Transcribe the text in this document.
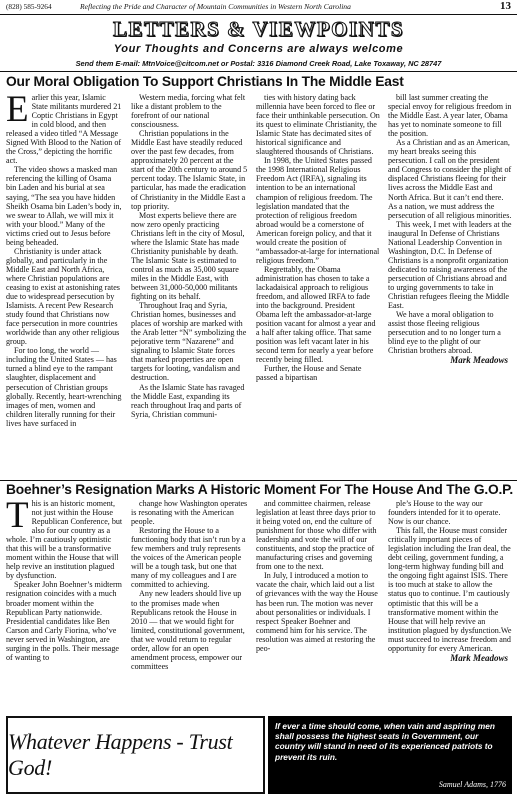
(828) 585-9264	Reflecting the Pride and Character of Mountain Communities in Western North Carolina	13
LETTERS & VIEWPOINTS
Your Thoughts and Concerns are always welcome
Send them E-mail: MtnVoice@citcom.net or Postal: 3316 Diamond Creek Road, Lake Toxaway, NC 28747
Our Moral Obligation To Support Christians In The Middle East
E arlier this year, Islamic State militants murdered 21 Coptic Christians in Egypt in cold blood, and then released a video titled “A Message Signed With Blood to the Nation of the Cross,” depicting the horrific act.

The video shows a masked man referencing the killing of Osama bin Laden and his burial at sea saying, “The sea you have hidden Sheikh Osama bin Laden’s body in, we swear to Allah, we will mix it with your blood.” Many of the victims cried out to Jesus before being beheaded.

Christianity is under attack globally, and particularly in the Middle East and North Africa, where Christian populations are ceasing to exist at astonishing rates due to widespread persecution by Islamists. A recent Pew Research study found that Christians now face persecution in more countries worldwide than any other religious group.

For too long, the world — including the United States — has turned a blind eye to the rampant slaughter, displacement and persecution of Christian groups globally. Recently, heart-wrenching images of men, women and children literally running for their lives have surfaced in

Western media, forcing what felt like a distant problem to the forefront of our national consciousness.

Christian populations in the Middle East have steadily reduced over the past few decades, from approximately 20 percent at the start of the 20th century to around 5 percent today. The Islamic State, in particular, has made the eradication of Christianity in the Middle East a top priority.

Most experts believe there are now zero openly practicing Christians left in the city of Mosul, where the Islamic State has made Christianity punishable by death. The Islamic State is estimated to control as much as 35,000 square miles in the Middle East, with between 31,000-50,000 militants fighting on its behalf.

Throughout Iraq and Syria, Christian homes, businesses and places of worship are marked with the Arab letter “N” symbolizing the pejorative term “Nazarene” and signaling to Islamic State forces that marked properties are open targets for looting, vandalism and destruction.

As the Islamic State has ravaged the Middle East, expanding its reach throughout Iraq and parts of Syria, Christian communi-

ties with history dating back millennia have been forced to flee or face their unthinkable persecution. On its quest to eliminate Christianity, the Islamic State has decimated sites of historical significance and slaughtered thousands of Christians.

In 1998, the United States passed the 1998 International Religious Freedom Act (IRFA), signaling its intention to be an international champion of religious freedom. The legislation mandated that the protection of religious freedom abroad would be a cornerstone of American foreign policy, and that it would create the position of “ambassador-at-large for international religious freedom.”

Regrettably, the Obama administration has chosen to take a lackadaisical approach to religious freedom, and allowed IRFA to fade into the background. President Obama left the ambassador-at-large position vacant for almost a year and a half after taking office. That same position was left vacant later in his second term for nearly a year before recently being filled.

Further, the House and Senate passed a bipartisan

bill last summer creating the special envoy for religious freedom in the Middle East. A year later, Obama has yet to nominate someone to fill the position.

As a Christian and as an American, my heart breaks seeing this persecution. I call on the president and Congress to consider the plight of displaced Christians fleeing for their lives across the Middle East and North Africa. But it can’t end there. As a nation, we must address the persecution of all religious minorities.

This week, I met with leaders at the inaugural In Defense of Christians National Leadership Convention in Washington, D.C. In Defense of Christians is a nonprofit organization dedicated to raising awareness of the persecution of Christians abroad and to urging governments to take in Christian refugees fleeing the Middle East.

We have a moral obligation to assist those fleeing religious persecution and to no longer turn a blind eye to the plight of our Christian brothers abroad.

Mark Meadows
Boehner’s Resignation Marks A Historic Moment For The House And The G.O.P.
T his is an historic moment, not just within the House Republican Conference, but also for our country as a whole. I’m cautiously optimistic that this will be a transformative moment within the House that will help revive an institution plagued by dysfunction.

Speaker John Boehner’s midterm resignation coincides with a much broader moment within the Republican Party nationwide. Presidential candidates like Ben Carson and Carly Fiorina, who’ve never served in Washington, are surging in the polls. Their message of wanting to

change how Washington operates is resonating with the American people.

Restoring the House to a functioning body that isn’t run by a few members and truly represents the voices of the American people will be a tough task, but one that many of my colleagues and I are committed to achieving.

Any new leaders should live up to the promises made when Republicans retook the House in 2010 — that we would fight for limited, constitutional government, that we would return to regular order, allow for an open amendment process, empower our committees

and committee chairmen, release legislation at least three days prior to it being voted on, end the culture of punishment for those who differ with leadership and vote the will of our constituents, and stop the practice of manufacturing crises and governing from one to the next.

In July, I introduced a motion to vacate the chair, which laid out a list of grievances with the way the House has been run. The motion was never about personalities or individuals. I respect Speaker Boehner and commend him for his service. The resolution was aimed at restoring the peo-

ple’s House to the way our founders intended for it to operate. Now is our chance.

This fall, the House must consider critically important pieces of legislation including the Iran deal, the debt ceiling, government funding, a long-term highway funding bill and the ongoing fight against ISIS. There is too much at stake to allow the status quo to continue. I’m cautiously optimistic that this will be a transformative moment within the House that will help revive an institution plagued by dysfunction.We must succeed to increase freedom and opportunity for every American.

Mark Meadows
Whatever Happens - Trust God!
If ever a time should come, when vain and aspiring men shall possess the highest seats in Government, our country will stand in need of its experienced patriots to prevent its ruin.
Samuel Adams, 1776
